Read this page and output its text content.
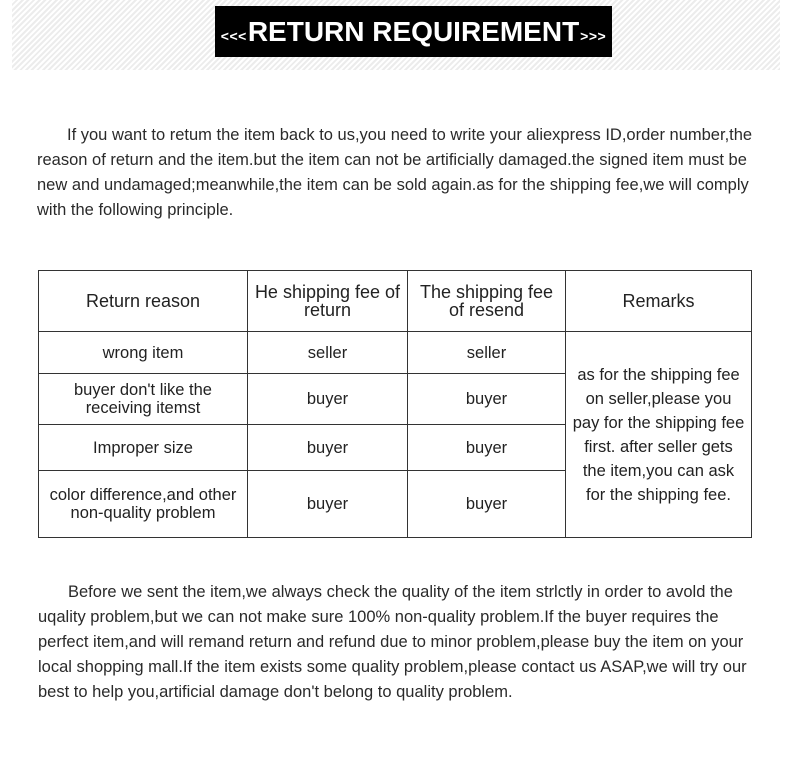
<<< RETURN REQUIREMENT >>>
If you want to retum the item back to us,you need to write your aliexpress ID,order number,the reason of return and the item.but the item can not be artificially damaged.the signed item must be new and undamaged;meanwhile,the item can be sold again.as for the shipping fee,we will comply with the following principle.
Return reason	He shipping fee of return	The shipping fee of resend	Remarks
wrong item	seller	seller	as for the shipping fee on seller,please you pay for the shipping fee first. after seller gets the item,you can ask for the shipping fee.
buyer don't like the receiving itemst	buyer	buyer	
Improper size	buyer	buyer	
color difference,and other non-quality problem	buyer	buyer	
Before we sent the item,we always check the quality of the item strlctly in order to avold the uqality problem,but we can not make sure 100% non-quality problem.If the buyer requires the perfect item,and will remand return and refund due to minor problem,please buy the item on your local shopping mall.If the item exists some quality problem,please contact us ASAP,we will try our best to help you,artificial damage don't belong to quality problem.
